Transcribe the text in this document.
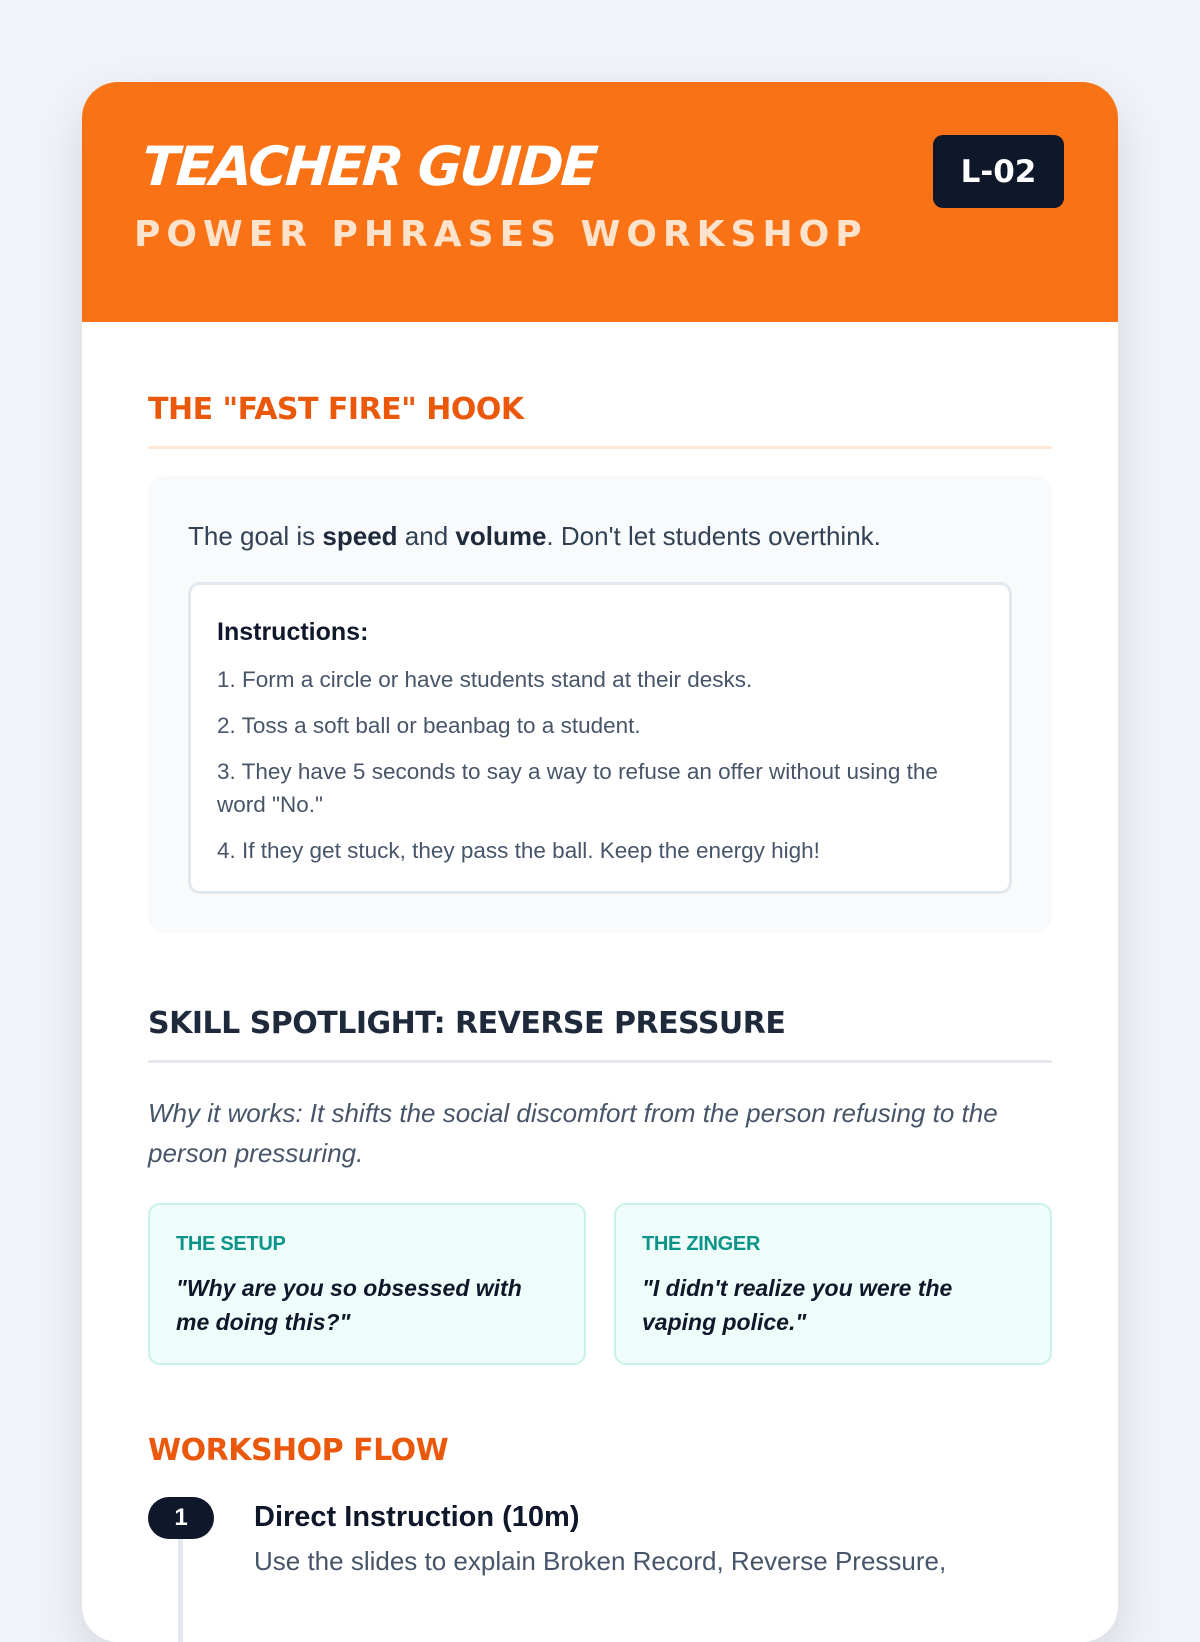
TEACHER GUIDE
POWER PHRASES WORKSHOP
L-02
THE "FAST FIRE" HOOK

The goal is speed and volume. Don't let students overthink.

Instructions:
1. Form a circle or have students stand at their desks.
2. Toss a soft ball or beanbag to a student.
3. They have 5 seconds to say a way to refuse an offer without using the word "No."
4. If they get stuck, they pass the ball. Keep the energy high!
SKILL SPOTLIGHT: REVERSE PRESSURE

Why it works: It shifts the social discomfort from the person refusing to the person pressuring.

THE SETUP
"Why are you so obsessed with me doing this?"
THE ZINGER
"I didn't realize you were the vaping police."
WORKSHOP FLOW
1	Direct Instruction (10m)
Use the slides to explain Broken Record, Reverse Pressure,
